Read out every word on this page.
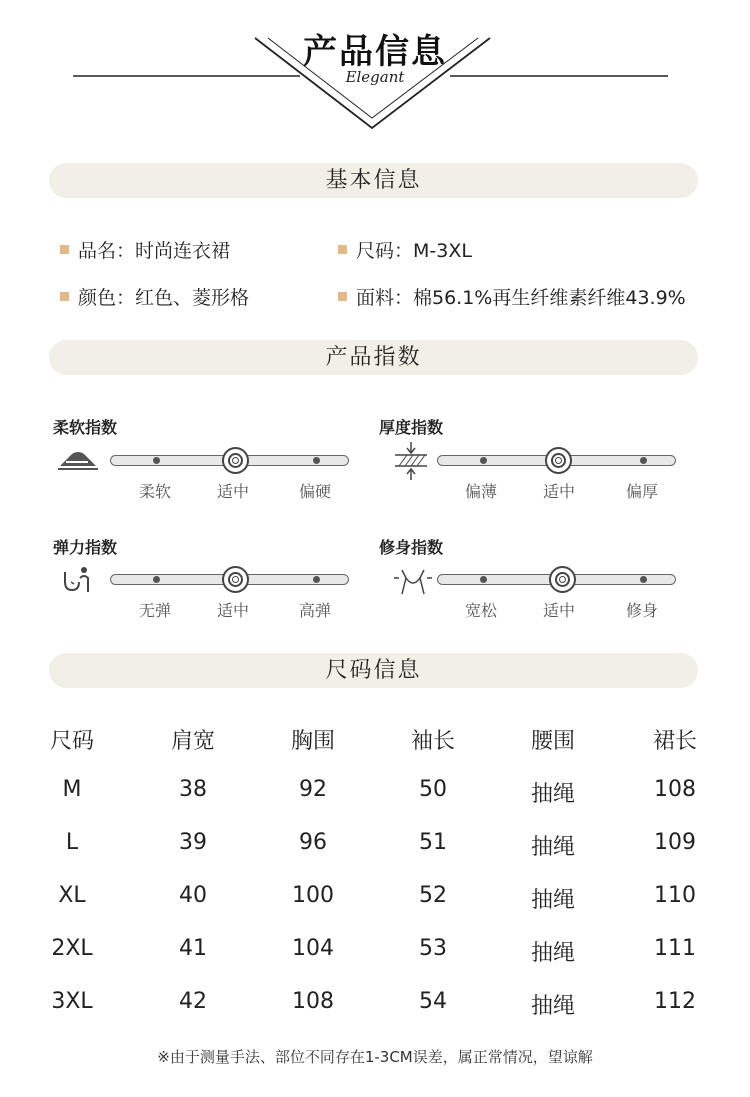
产品信息
Elegant
基本信息
品名：时尚连衣裙	尺码：M-3XL
颜色：红色、菱形格	面料：棉56.1%再生纤维素纤维43.9%
产品指数
柔软指数
柔软	适中	偏硬
厚度指数
偏薄	适中	偏厚
弹力指数
无弹	适中	高弹
修身指数
宽松	适中	修身
尺码信息
尺码	肩宽	胸围	袖长	腰围	裙长
M	38	92	50	抽绳	108
L	39	96	51	抽绳	109
XL	40	100	52	抽绳	110
2XL	41	104	53	抽绳	111
3XL	42	108	54	抽绳	112
※由于测量手法、部位不同存在1-3CM误差，属正常情况，望谅解
